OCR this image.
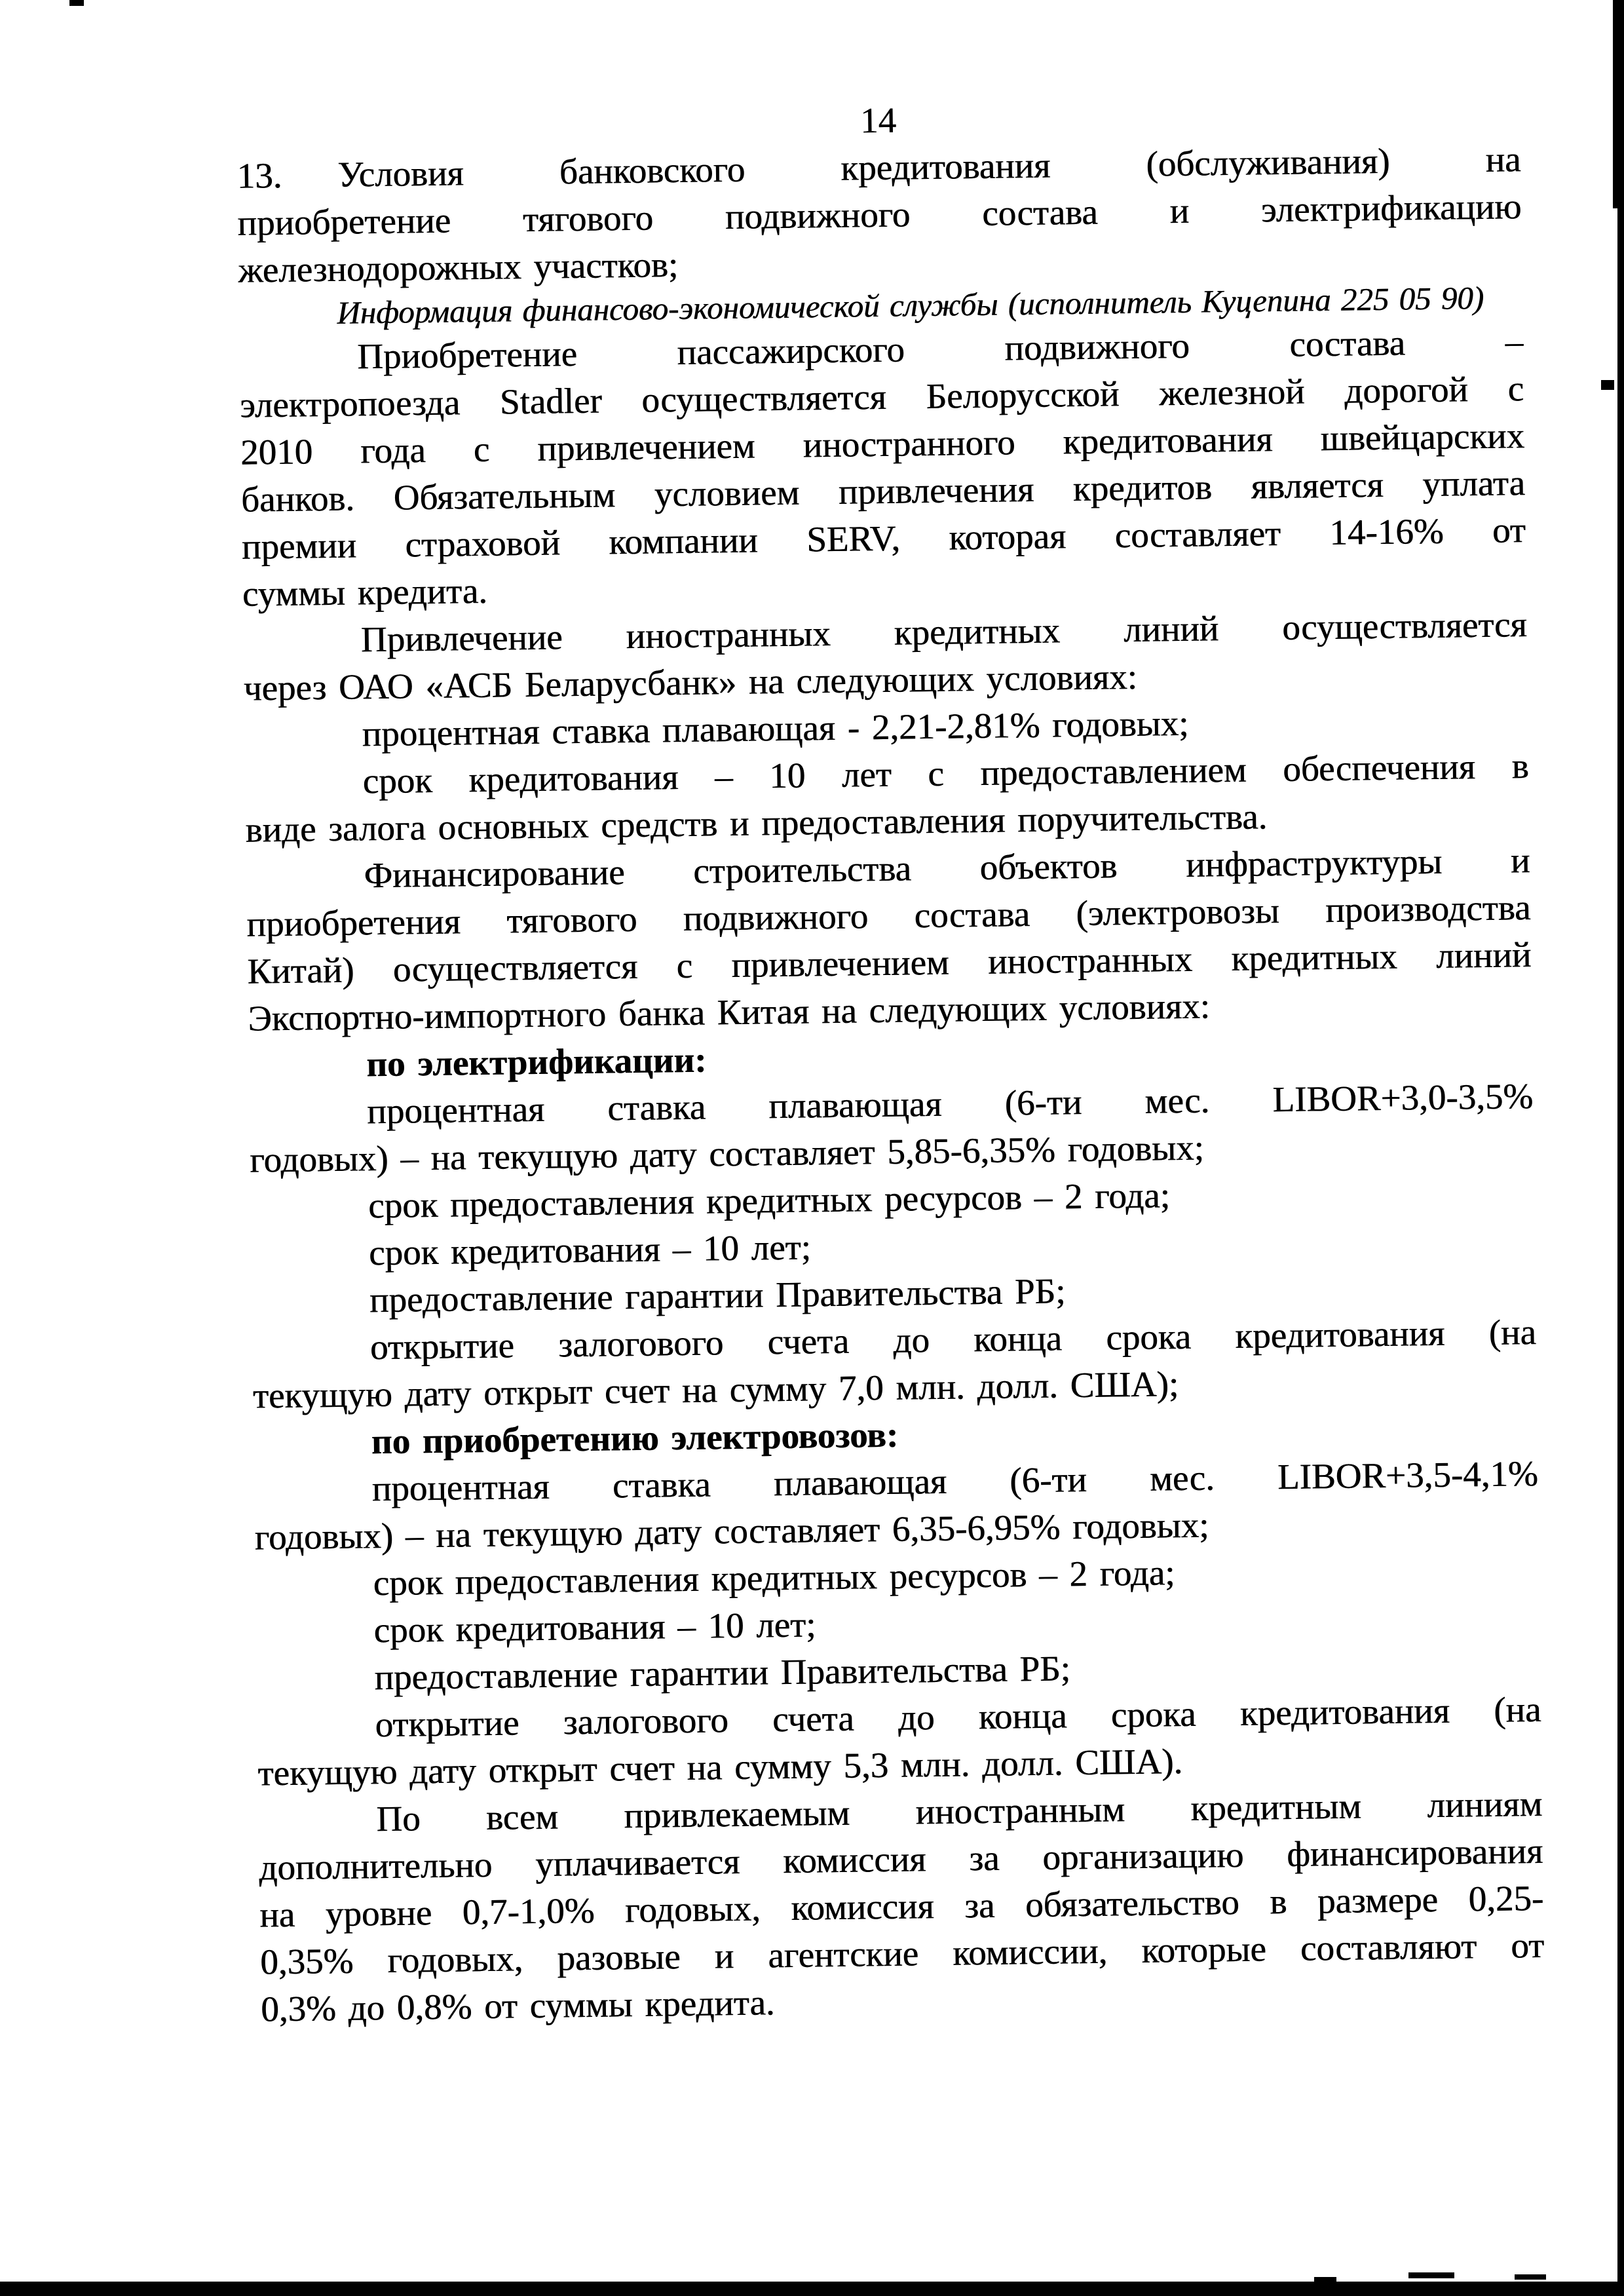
14
13. Условия банковского кредитования (обслуживания) на
приобретение тягового подвижного состава и электрификацию
железнодорожных участков;
Информация финансово-экономической службы (исполнитель Куцепина 225 05 90)
Приобретение пассажирского подвижного состава –
электропоезда Stadler осуществляется Белорусской железной дорогой с
2010 года с привлечением иностранного кредитования швейцарских
банков. Обязательным условием привлечения кредитов является уплата
премии страховой компании SERV, которая составляет 14-16% от
суммы кредита.
Привлечение иностранных кредитных линий осуществляется
через ОАО «АСБ Беларусбанк» на следующих условиях:
процентная ставка плавающая - 2,21-2,81% годовых;
срок кредитования – 10 лет с предоставлением обеспечения в
виде залога основных средств и предоставления поручительства.
Финансирование строительства объектов инфраструктуры и
приобретения тягового подвижного состава (электровозы производства
Китай) осуществляется с привлечением иностранных кредитных линий
Экспортно-импортного банка Китая на следующих условиях:
по электрификации:
процентная ставка плавающая (6-ти мес. LIBOR+3,0-3,5%
годовых) – на текущую дату составляет 5,85-6,35% годовых;
срок предоставления кредитных ресурсов – 2 года;
срок кредитования – 10 лет;
предоставление гарантии Правительства РБ;
открытие залогового счета до конца срока кредитования (на
текущую дату открыт счет на сумму 7,0 млн. долл. США);
по приобретению электровозов:
процентная ставка плавающая (6-ти мес. LIBOR+3,5-4,1%
годовых) – на текущую дату составляет 6,35-6,95% годовых;
срок предоставления кредитных ресурсов – 2 года;
срок кредитования – 10 лет;
предоставление гарантии Правительства РБ;
открытие залогового счета до конца срока кредитования (на
текущую дату открыт счет на сумму 5,3 млн. долл. США).
По всем привлекаемым иностранным кредитным линиям
дополнительно уплачивается комиссия за организацию финансирования
на уровне 0,7-1,0% годовых, комиссия за обязательство в размере 0,25-
0,35% годовых, разовые и агентские комиссии, которые составляют от
0,3% до 0,8% от суммы кредита.
